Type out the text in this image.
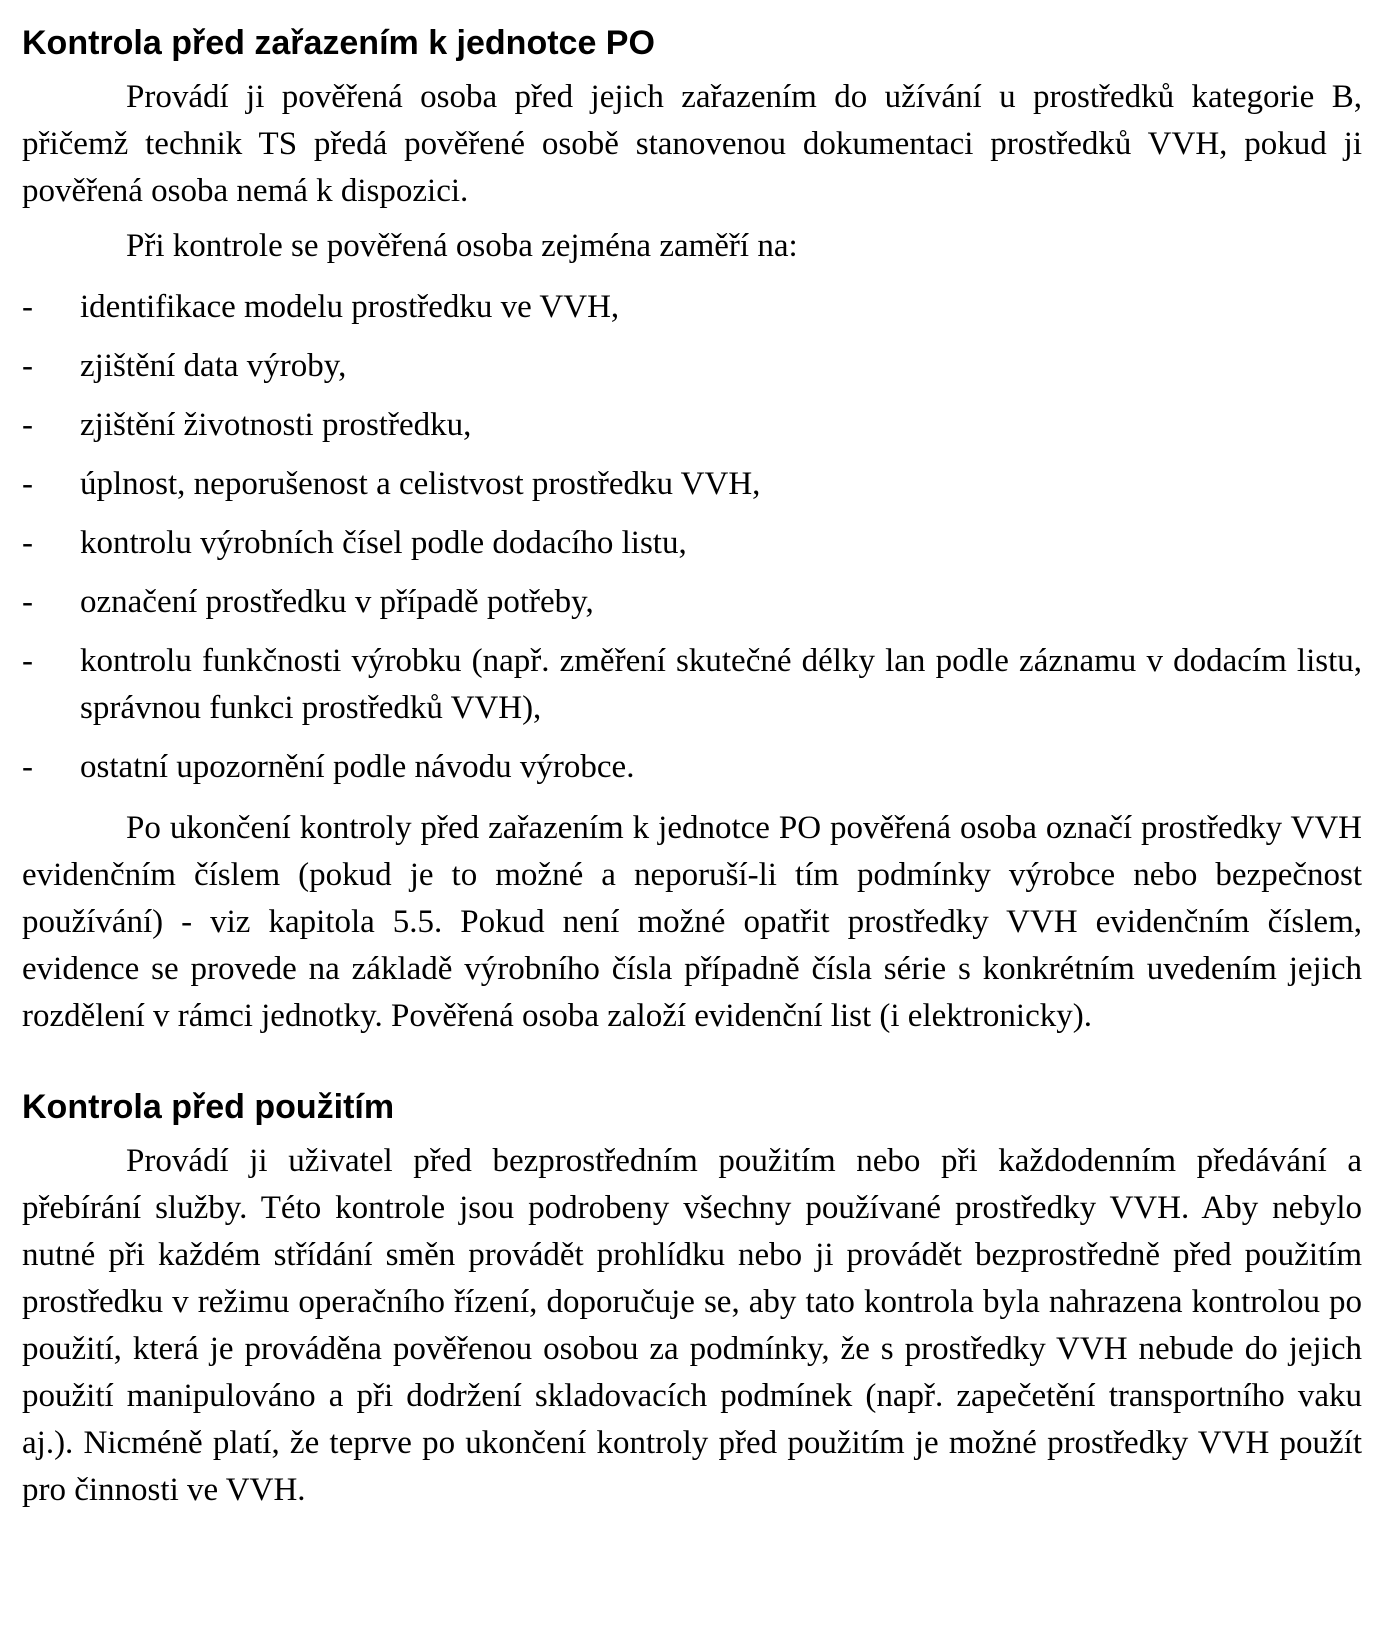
Kontrola před zařazením k jednotce PO

Provádí ji pověřená osoba před jejich zařazením do užívání u prostředků kategorie B, přičemž technik TS předá pověřené osobě stanovenou dokumentaci prostředků VVH, pokud ji pověřená osoba nemá k dispozici.

Při kontrole se pověřená osoba zejména zaměří na:

- identifikace modelu prostředku ve VVH,
- zjištění data výroby,
- zjištění životnosti prostředku,
- úplnost, neporušenost a celistvost prostředku VVH,
- kontrolu výrobních čísel podle dodacího listu,
- označení prostředku v případě potřeby,
- kontrolu funkčnosti výrobku (např. změření skutečné délky lan podle záznamu v dodacím listu, správnou funkci prostředků VVH),
- ostatní upozornění podle návodu výrobce.

Po ukončení kontroly před zařazením k jednotce PO pověřená osoba označí prostředky VVH evidenčním číslem (pokud je to možné a neporuší-li tím podmínky výrobce nebo bezpečnost používání) - viz kapitola 5.5. Pokud není možné opatřit prostředky VVH evidenčním číslem, evidence se provede na základě výrobního čísla případně čísla série s konkrétním uvedením jejich rozdělení v rámci jednotky. Pověřená osoba založí evidenční list (i elektronicky).

Kontrola před použitím

Provádí ji uživatel před bezprostředním použitím nebo při každodenním předávání a přebírání služby. Této kontrole jsou podrobeny všechny používané prostředky VVH. Aby nebylo nutné při každém střídání směn provádět prohlídku nebo ji provádět bezprostředně před použitím prostředku v režimu operačního řízení, doporučuje se, aby tato kontrola byla nahrazena kontrolou po použití, která je prováděna pověřenou osobou za podmínky, že s prostředky VVH nebude do jejich použití manipulováno a při dodržení skladovacích podmínek (např. zapečetění transportního vaku aj.). Nicméně platí, že teprve po ukončení kontroly před použitím je možné prostředky VVH použít pro činnosti ve VVH.
